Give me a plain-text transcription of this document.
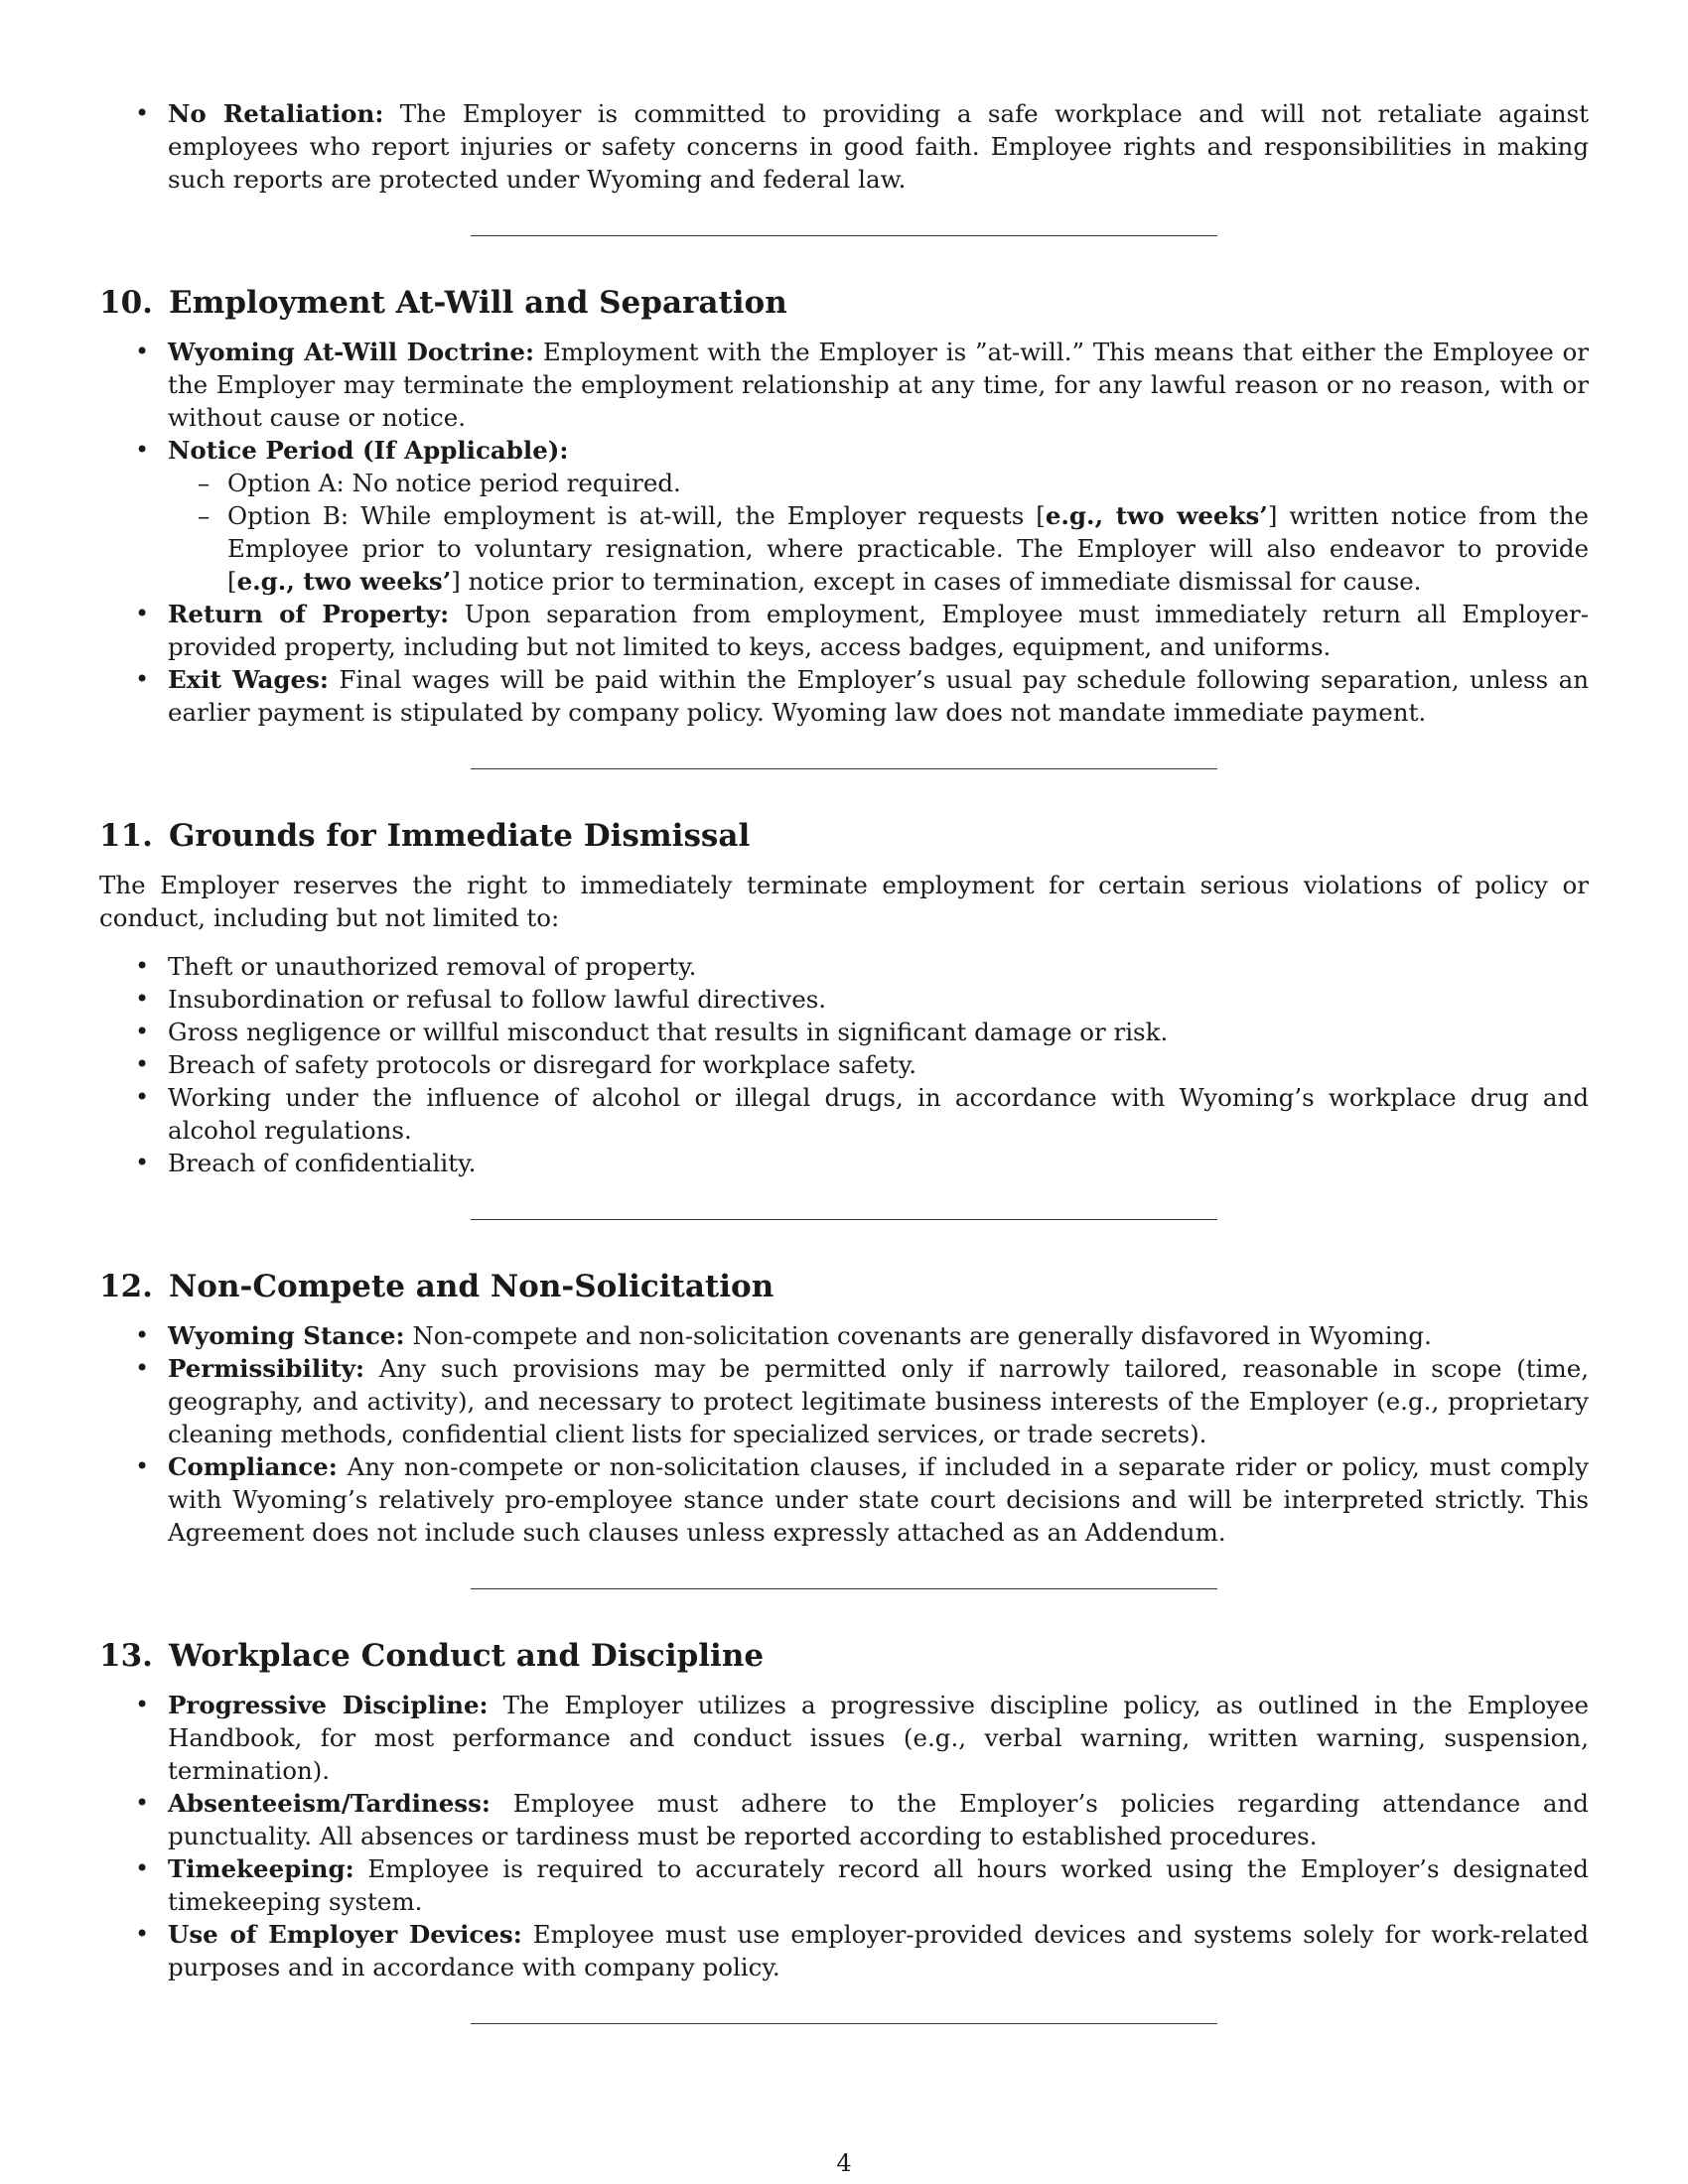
• No Retaliation: The Employer is committed to providing a safe workplace and will not retaliate against employees who report injuries or safety concerns in good faith. Employee rights and responsibilities in making such reports are protected under Wyoming and federal law.
10. Employment At-Will and Separation
• Wyoming At-Will Doctrine: Employment with the Employer is ”at-will.” This means that either the Employee or the Employer may terminate the employment relationship at any time, for any lawful reason or no reason, with or without cause or notice.
• Notice Period (If Applicable):
– Option A: No notice period required.
– Option B: While employment is at-will, the Employer requests [e.g., two weeks’] written notice from the Employee prior to voluntary resignation, where practicable. The Employer will also endeavor to provide [e.g., two weeks’] notice prior to termination, except in cases of immediate dismissal for cause.
• Return of Property: Upon separation from employment, Employee must immediately return all Employer-provided property, including but not limited to keys, access badges, equipment, and uniforms.
• Exit Wages: Final wages will be paid within the Employer’s usual pay schedule following separation, unless an earlier payment is stipulated by company policy. Wyoming law does not mandate immediate payment.
11. Grounds for Immediate Dismissal

The Employer reserves the right to immediately terminate employment for certain serious violations of policy or conduct, including but not limited to:

• Theft or unauthorized removal of property.
• Insubordination or refusal to follow lawful directives.
• Gross negligence or willful misconduct that results in significant damage or risk.
• Breach of safety protocols or disregard for workplace safety.
• Working under the influence of alcohol or illegal drugs, in accordance with Wyoming’s workplace drug and alcohol regulations.
• Breach of confidentiality.
12. Non-Compete and Non-Solicitation
• Wyoming Stance: Non-compete and non-solicitation covenants are generally disfavored in Wyoming.
• Permissibility: Any such provisions may be permitted only if narrowly tailored, reasonable in scope (time, geography, and activity), and necessary to protect legitimate business interests of the Employer (e.g., proprietary cleaning methods, confidential client lists for specialized services, or trade secrets).
• Compliance: Any non-compete or non-solicitation clauses, if included in a separate rider or policy, must comply with Wyoming’s relatively pro-employee stance under state court decisions and will be interpreted strictly. This Agreement does not include such clauses unless expressly attached as an Addendum.
13. Workplace Conduct and Discipline
• Progressive Discipline: The Employer utilizes a progressive discipline policy, as outlined in the Employee Handbook, for most performance and conduct issues (e.g., verbal warning, written warning, suspension, termination).
• Absenteeism/Tardiness: Employee must adhere to the Employer’s policies regarding attendance and punctuality. All absences or tardiness must be reported according to established procedures.
• Timekeeping: Employee is required to accurately record all hours worked using the Employer’s designated timekeeping system.
• Use of Employer Devices: Employee must use employer-provided devices and systems solely for work-related purposes and in accordance with company policy.
4
